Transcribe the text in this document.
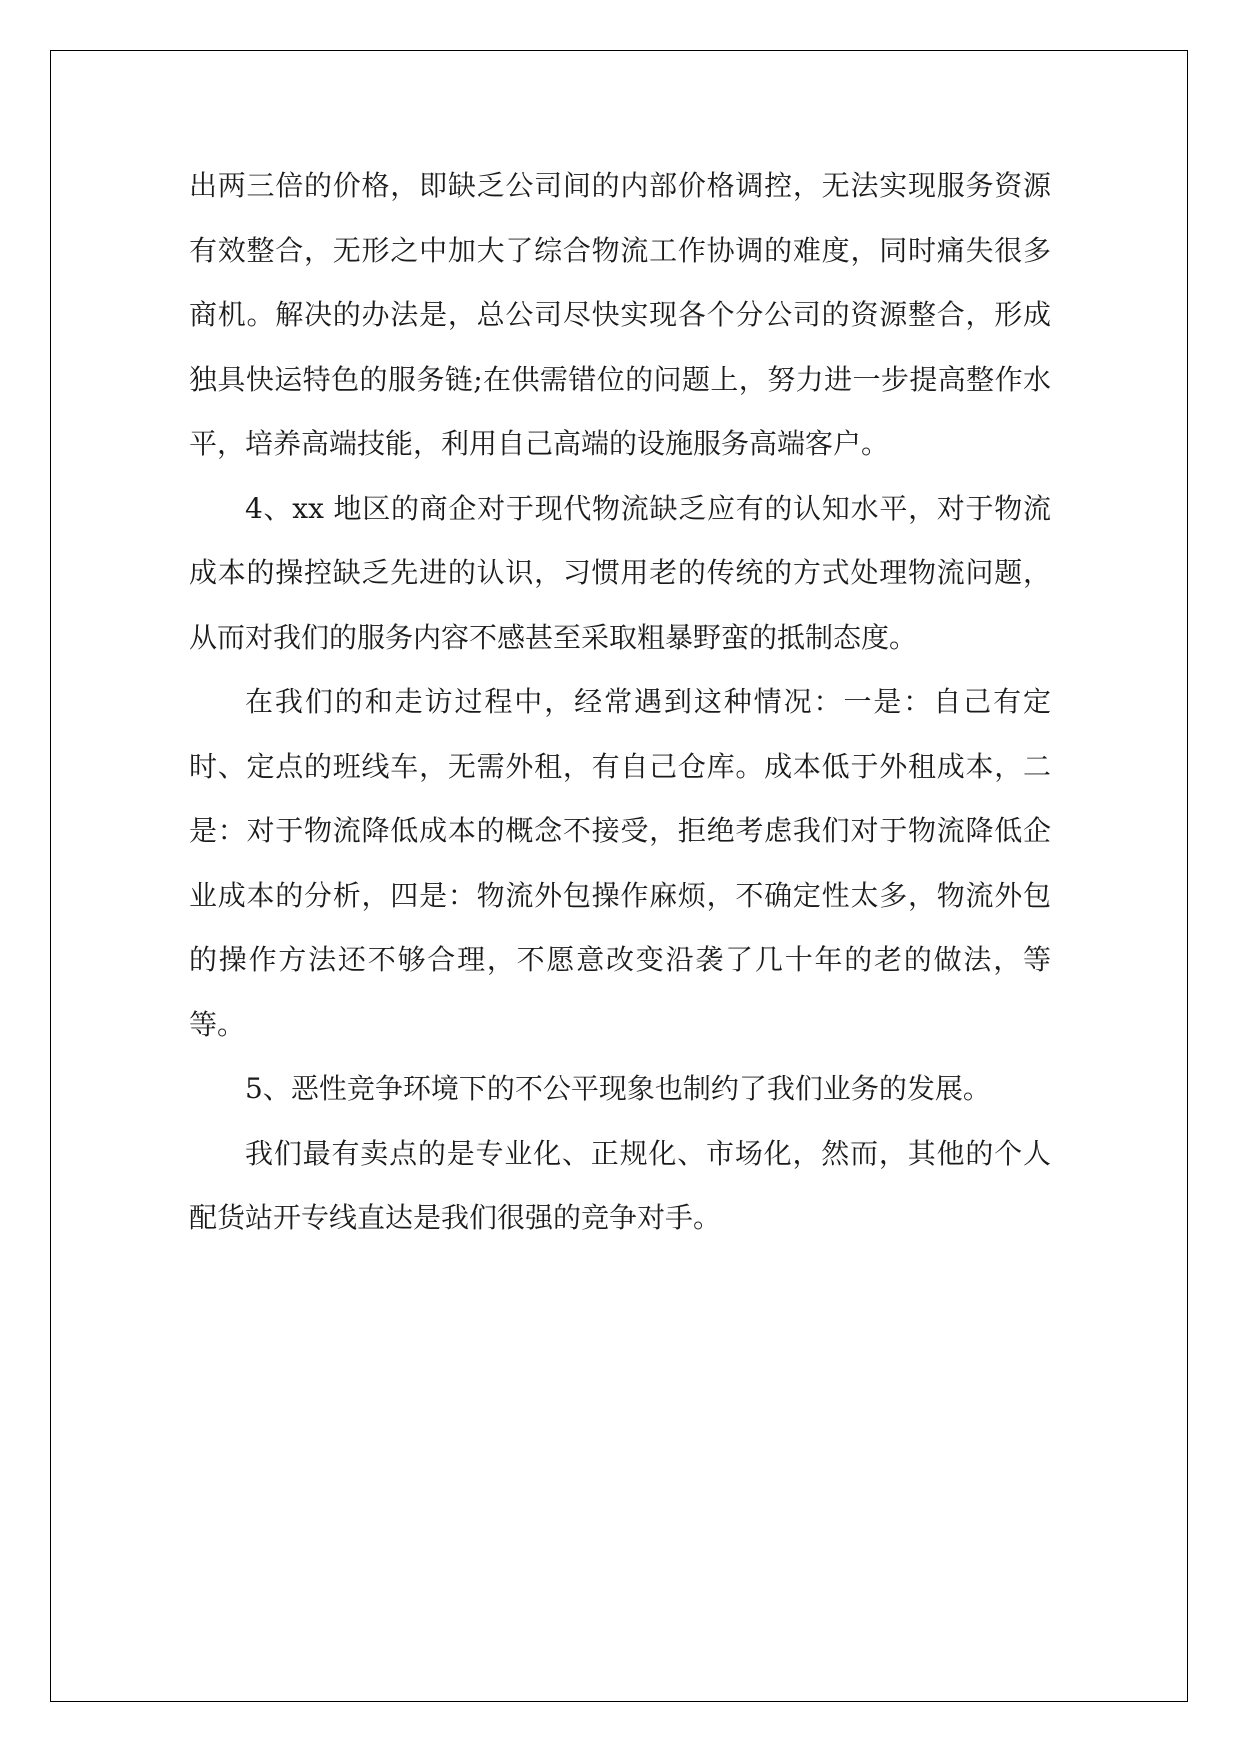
出两三倍的价格，即缺乏公司间的内部价格调控，无法实现服务资源有效整合，无形之中加大了综合物流工作协调的难度，同时痛失很多商机。解决的办法是，总公司尽快实现各个分公司的资源整合，形成独具快运特色的服务链;在供需错位的问题上，努力进一步提高整作水平，培养高端技能，利用自己高端的设施服务高端客户。

4、xx 地区的商企对于现代物流缺乏应有的认知水平，对于物流成本的操控缺乏先进的认识，习惯用老的传统的方式处理物流问题，从而对我们的服务内容不感甚至采取粗暴野蛮的抵制态度。

在我们的和走访过程中，经常遇到这种情况：一是：自己有定时、定点的班线车，无需外租，有自己仓库。成本低于外租成本，二是：对于物流降低成本的概念不接受，拒绝考虑我们对于物流降低企业成本的分析，四是：物流外包操作麻烦，不确定性太多，物流外包的操作方法还不够合理，不愿意改变沿袭了几十年的老的做法，等等。

5、恶性竞争环境下的不公平现象也制约了我们业务的发展。

我们最有卖点的是专业化、正规化、市场化，然而，其他的个人配货站开专线直达是我们很强的竞争对手。
